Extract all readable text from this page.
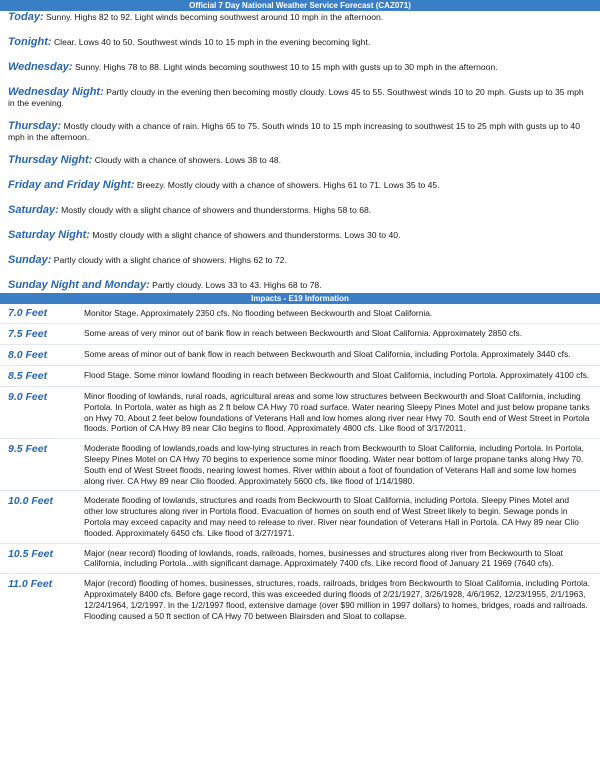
Official 7 Day National Weather Service Forecast (CAZ071)

Today: Sunny. Highs 82 to 92. Light winds becoming southwest around 10 mph in the afternoon.

Tonight: Clear. Lows 40 to 50. Southwest winds 10 to 15 mph in the evening becoming light.

Wednesday: Sunny. Highs 78 to 88. Light winds becoming southwest 10 to 15 mph with gusts up to 30 mph in the afternoon.

Wednesday Night: Partly cloudy in the evening then becoming mostly cloudy. Lows 45 to 55. Southwest winds 10 to 20 mph. Gusts up to 35 mph in the evening.

Thursday: Mostly cloudy with a chance of rain. Highs 65 to 75. South winds 10 to 15 mph increasing to southwest 15 to 25 mph with gusts up to 40 mph in the afternoon.

Thursday Night: Cloudy with a chance of showers. Lows 38 to 48.

Friday and Friday Night: Breezy. Mostly cloudy with a chance of showers. Highs 61 to 71. Lows 35 to 45.

Saturday: Mostly cloudy with a slight chance of showers and thunderstorms. Highs 58 to 68.

Saturday Night: Mostly cloudy with a slight chance of showers and thunderstorms. Lows 30 to 40.

Sunday: Partly cloudy with a slight chance of showers. Highs 62 to 72.

Sunday Night and Monday: Partly cloudy. Lows 33 to 43. Highs 68 to 78.

Impacts - E19 Information
7.0 Feet	Monitor Stage. Approximately 2350 cfs. No flooding between Beckwourth and Sloat California.
7.5 Feet	Some areas of very minor out of bank flow in reach between Beckwourth and Sloat California. Approximately 2850 cfs.
8.0 Feet	Some areas of minor out of bank flow in reach between Beckwourth and Sloat California, including Portola. Approximately 3440 cfs.
8.5 Feet	Flood Stage. Some minor lowland flooding in reach between Beckwourth and Sloat California, including Portola. Approximately 4100 cfs.
9.0 Feet	Minor flooding of lowlands, rural roads, agricultural areas and some low structures between Beckwourth and Sloat California, including Portola. In Portola, water as high as 2 ft below CA Hwy 70 road surface. Water nearing Sleepy Pines Motel and just below propane tanks on Hwy 70. About 2 feet below foundations of Veterans Hall and low homes along river near Hwy 70. South end of West Street in Portola floods. Portion of CA Hwy 89 near Clio begins to flood. Approximately 4800 cfs. Like flood of 3/17/2011.
9.5 Feet	Moderate flooding of lowlands,roads and low-lying structures in reach from Beckwourth to Sloat California, including Portola. In Portola, Sleepy Pines Motel on CA Hwy 70 begins to experience some minor flooding. Water near bottom of large propane tanks along Hwy 70. South end of West Street floods, nearing lowest homes. River within about a foot of foundation of Veterans Hall and some low homes along river. CA Hwy 89 near Clio flooded. Approximately 5600 cfs, like flood of 1/14/1980.
10.0 Feet	Moderate flooding of lowlands, structures and roads from Beckwourth to Sloat California, including Portola. Sleepy Pines Motel and other low structures along river in Portola flood. Evacuation of homes on south end of West Street likely to begin. Sewage ponds in Portola may exceed capacity and may need to release to river. River near foundation of Veterans Hall in Portola. CA Hwy 89 near Clio flooded. Approximately 6450 cfs. Like flood of 3/27/1971.
10.5 Feet	Major (near record) flooding of lowlands, roads, railroads, homes, businesses and structures along river from Beckwourth to Sloat California, including Portola...with significant damage. Approximately 7400 cfs. Like record flood of January 21 1969 (7640 cfs).
11.0 Feet	Major (record) flooding of homes, businesses, structures, roads, railroads, bridges from Beckwourth to Sloat California, including Portola. Approximately 8400 cfs. Before gage record, this was exceeded during floods of 2/21/1927, 3/26/1928, 4/6/1952, 12/23/1955, 2/1/1963, 12/24/1964, 1/2/1997. In the 1/2/1997 flood, extensive damage (over $90 million in 1997 dollars) to homes, bridges, roads and railroads. Flooding caused a 50 ft section of CA Hwy 70 between Blairsden and Sloat to collapse.
